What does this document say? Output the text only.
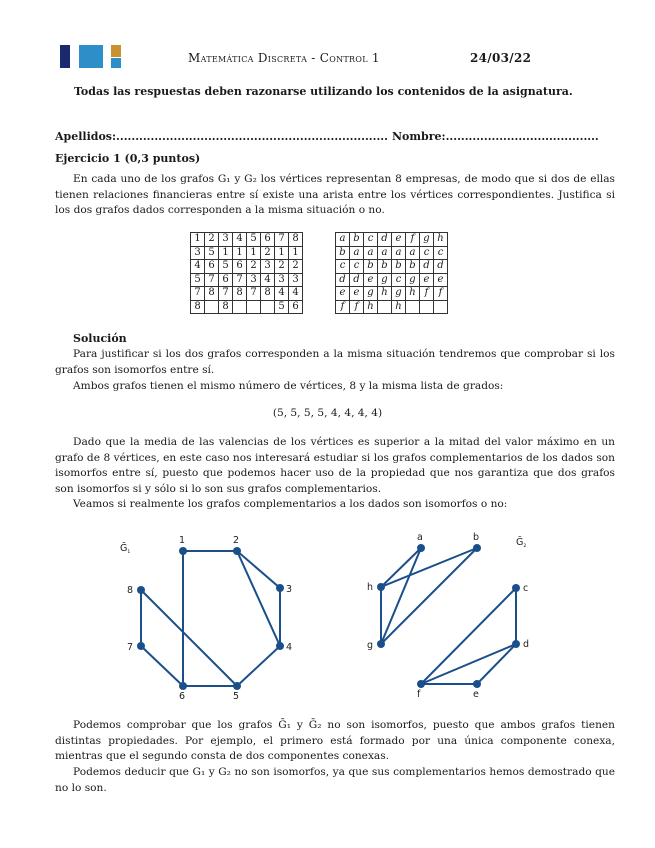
Matemática Discreta - Control 1	24/03/22
Todas las respuestas deben razonarse utilizando los contenidos de la asignatura.
Apellidos:....................................................................... Nombre:........................................
Ejercicio 1 (0,3 puntos)
En cada uno de los grafos G₁ y G₂ los vértices representan 8 empresas, de modo que si dos de ellas tienen relaciones financieras entre sí existe una arista entre los vértices correspondientes. Justifica si los dos grafos dados corresponden a la misma situación o no.
1	2	3	4	5	6	7	8
3	5	1	1	1	2	1	1
4	6	5	6	2	3	2	2
5	7	6	7	3	4	3	3
7	8	7	8	7	8	4	4
8		8				5	6
a	b	c	d	e	f	g	h
b	a	a	a	a	a	c	c
c	c	b	b	b	b	d	d
d	d	e	g	c	g	e	e
e	e	g	h	g	h	f	f
f	f	h		h			
Solución
Para justificar si los dos grafos corresponden a la misma situación tendremos que comprobar si los grafos son isomorfos entre sí.
Ambos grafos tienen el mismo número de vértices, 8 y la misma lista de grados:
(5, 5, 5, 5, 4, 4, 4, 4)
Dado que la media de las valencias de los vértices es superior a la mitad del valor máximo en un grafo de 8 vértices, en este caso nos interesará estudiar si los grafos complementarios de los dados son isomorfos entre sí, puesto que podemos hacer uso de la propiedad que nos garantiza que dos grafos son isomorfos si y sólo si lo son sus grafos complementarios.
Veamos si realmente los grafos complementarios a los dados son isomorfos o no:
Ḡ$_{_1}$
1	2
3
4
5
6
7
8
Ḡ$_{_2}$
a	b
c
d
e
f
g
h
Podemos comprobar que los grafos Ḡ₁ y Ḡ₂ no son isomorfos, puesto que ambos grafos tienen distintas propiedades. Por ejemplo, el primero está formado por una única componente conexa, mientras que el segundo consta de dos componentes conexas.
Podemos deducir que G₁ y G₂ no son isomorfos, ya que sus complementarios hemos demostrado que no lo son.
